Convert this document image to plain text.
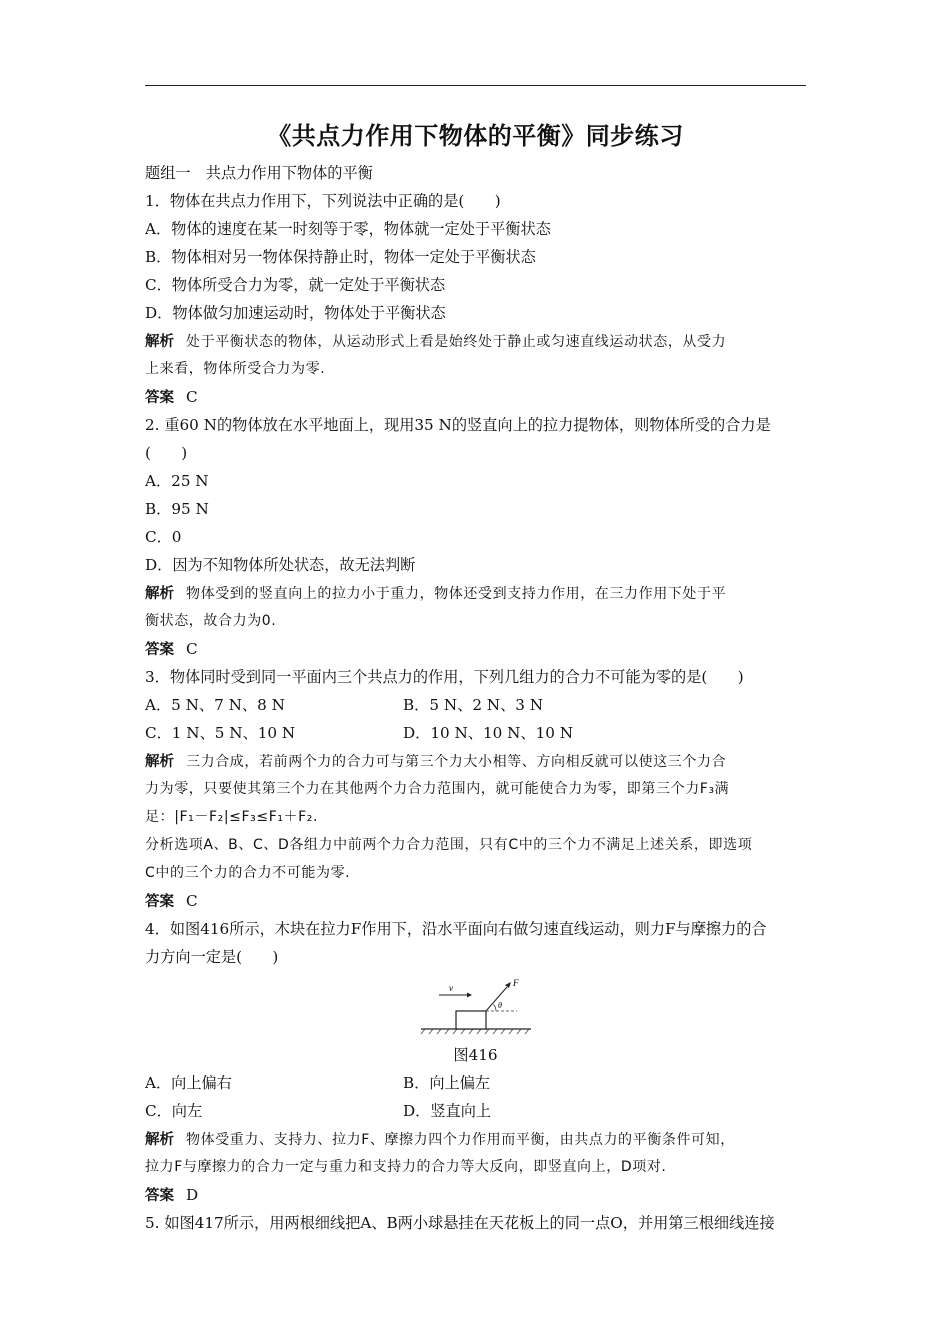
《共点力作用下物体的平衡》同步练习
题组一　共点力作用下物体的平衡
1．物体在共点力作用下，下列说法中正确的是(　　)
A．物体的速度在某一时刻等于零，物体就一定处于平衡状态
B．物体相对另一物体保持静止时，物体一定处于平衡状态
C．物体所受合力为零，就一定处于平衡状态
D．物体做匀加速运动时，物体处于平衡状态
解析 处于平衡状态的物体，从运动形式上看是始终处于静止或匀速直线运动状态，从受力
上来看，物体所受合力为零.
答案 C
2. 重60 N的物体放在水平地面上，现用35 N的竖直向上的拉力提物体，则物体所受的合力是
(　　)
A．25 N
B．95 N
C．0
D．因为不知物体所处状态，故无法判断
解析 物体受到的竖直向上的拉力小于重力，物体还受到支持力作用，在三力作用下处于平
衡状态，故合力为0.
答案 C
3．物体同时受到同一平面内三个共点力的作用，下列几组力的合力不可能为零的是(　　)
A．5 N、7 N、8 N	B．5 N、2 N、3 N
C．1 N、5 N、10 N	D．10 N、10 N、10 N
解析 三力合成，若前两个力的合力可与第三个力大小相等、方向相反就可以使这三个力合
力为零，只要使其第三个力在其他两个力合力范围内，就可能使合力为零，即第三个力F₃满
足：|F₁－F₂|≤F₃≤F₁＋F₂.
分析选项A、B、C、D各组力中前两个力合力范围，只有C中的三个力不满足上述关系，即选项
C中的三个力的合力不可能为零.
答案 C
4．如图416所示，木块在拉力F作用下，沿水平面向右做匀速直线运动，则力F与摩擦力的合
力方向一定是(　　)
v	F
θ
图416
A．向上偏右	B．向上偏左
C．向左	D．竖直向上
解析 物体受重力、支持力、拉力F、摩擦力四个力作用而平衡，由共点力的平衡条件可知，
拉力F与摩擦力的合力一定与重力和支持力的合力等大反向，即竖直向上，D项对.
答案 D
5. 如图417所示，用两根细线把A、B两小球悬挂在天花板上的同一点O，并用第三根细线连接
